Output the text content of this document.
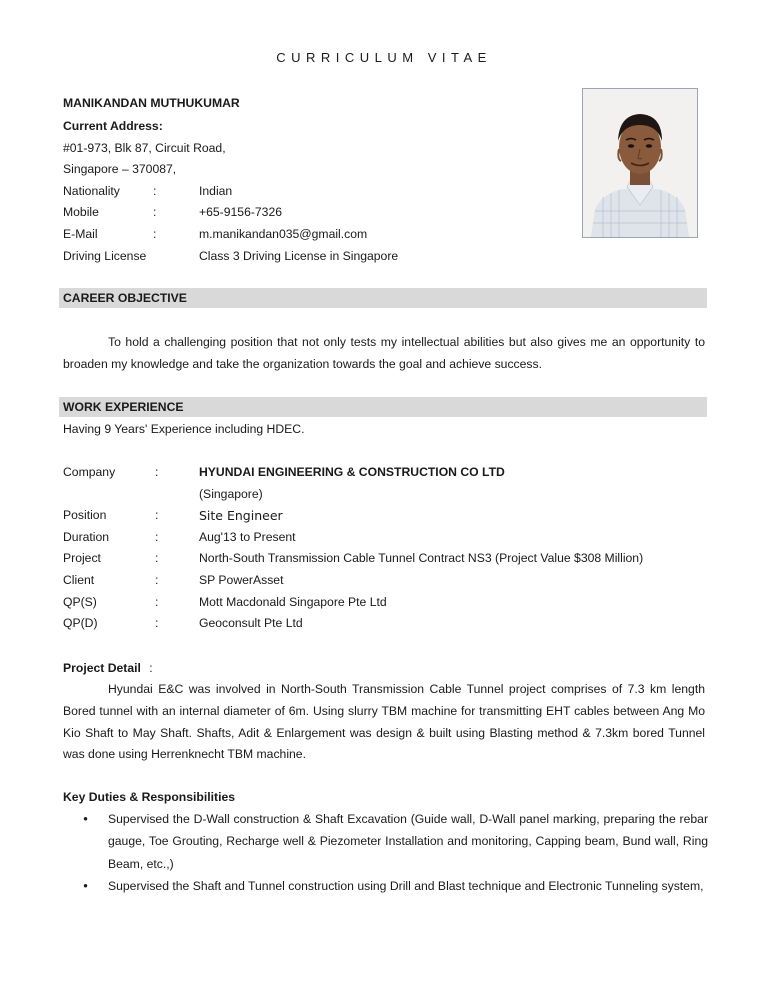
CURRICULUM VITAE
MANIKANDAN MUTHUKUMAR
Current Address:
#01-973, Blk 87, Circuit Road,
Singapore – 370087,
Nationality	:	Indian
Mobile	:	+65-9156-7326
E-Mail	:	m.manikandan035@gmail.com
Driving License	Class 3 Driving License in Singapore
CAREER OBJECTIVE
To hold a challenging position that not only tests my intellectual abilities but also gives me an opportunity to broaden my knowledge and take the organization towards the goal and achieve success.
WORK EXPERIENCE
Having 9 Years' Experience including HDEC.
Company	:	HYUNDAI ENGINEERING & CONSTRUCTION CO LTD
(Singapore)
Position	:	Site Engineer
Duration	:	Aug'13 to Present
Project	:	North-South Transmission Cable Tunnel Contract NS3 (Project Value $308 Million)
Client	:	SP PowerAsset
QP(S)	:	Mott Macdonald Singapore Pte Ltd
QP(D)	:	Geoconsult Pte Ltd
Project Detail :
Hyundai E&C was involved in North-South Transmission Cable Tunnel project comprises of 7.3 km length Bored tunnel with an internal diameter of 6m. Using slurry TBM machine for transmitting EHT cables between Ang Mo Kio Shaft to May Shaft. Shafts, Adit & Enlargement was design & built using Blasting method & 7.3km bored Tunnel was done using Herrenknecht TBM machine.
Key Duties & Responsibilities
•	Supervised the D-Wall construction & Shaft Excavation (Guide wall, D-Wall panel marking, preparing the rebar gauge, Toe Grouting, Recharge well & Piezometer Installation and monitoring, Capping beam, Bund wall, Ring Beam, etc.,)
•	Supervised the Shaft and Tunnel construction using Drill and Blast technique and Electronic Tunneling system,
